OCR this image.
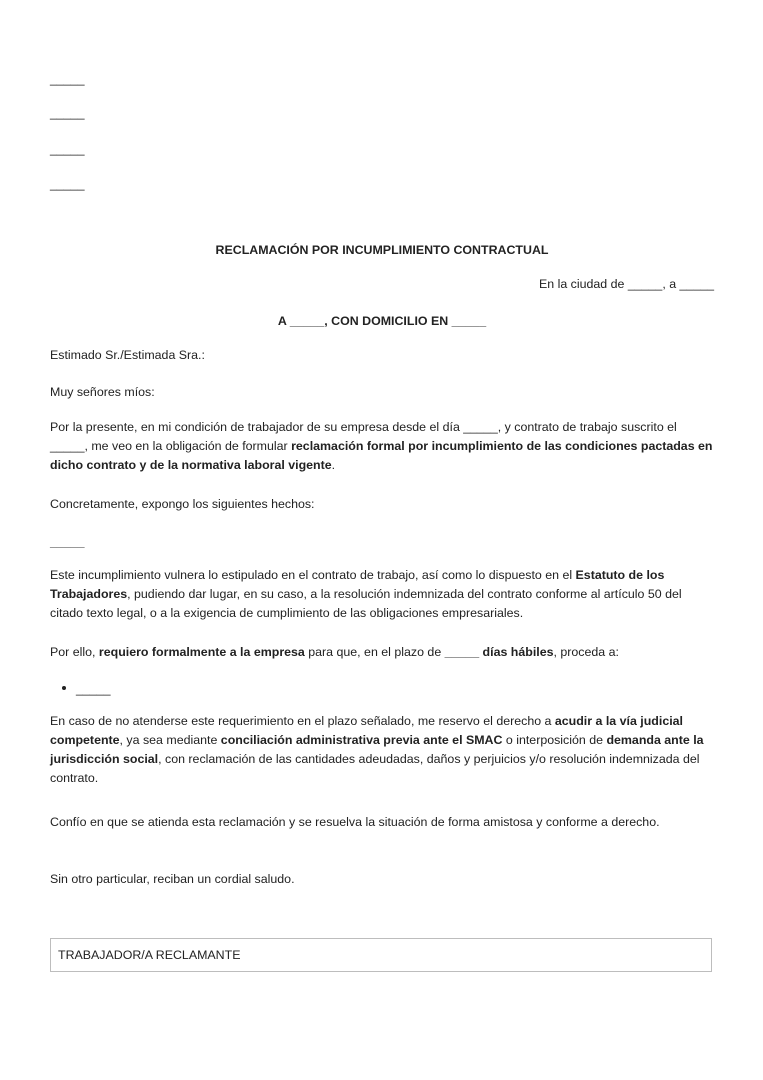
_____
_____
_____
_____
RECLAMACIÓN POR INCUMPLIMIENTO CONTRACTUAL
En la ciudad de _____, a _____
A _____, CON DOMICILIO EN _____

Estimado Sr./Estimada Sra.:

Muy señores míos:

Por la presente, en mi condición de trabajador de su empresa desde el día _____, y contrato de trabajo suscrito el _____, me veo en la obligación de formular reclamación formal por incumplimiento de las condiciones pactadas en dicho contrato y de la normativa laboral vigente.

Concretamente, expongo los siguientes hechos:

_____

Este incumplimiento vulnera lo estipulado en el contrato de trabajo, así como lo dispuesto en el Estatuto de los Trabajadores, pudiendo dar lugar, en su caso, a la resolución indemnizada del contrato conforme al artículo 50 del citado texto legal, o a la exigencia de cumplimiento de las obligaciones empresariales.

Por ello, requiero formalmente a la empresa para que, en el plazo de _____ días hábiles, proceda a:

_____

En caso de no atenderse este requerimiento en el plazo señalado, me reservo el derecho a acudir a la vía judicial competente, ya sea mediante conciliación administrativa previa ante el SMAC o interposición de demanda ante la jurisdicción social, con reclamación de las cantidades adeudadas, daños y perjuicios y/o resolución indemnizada del contrato.

Confío en que se atienda esta reclamación y se resuelva la situación de forma amistosa y conforme a derecho.

Sin otro particular, reciban un cordial saludo.

TRABAJADOR/A RECLAMANTE
